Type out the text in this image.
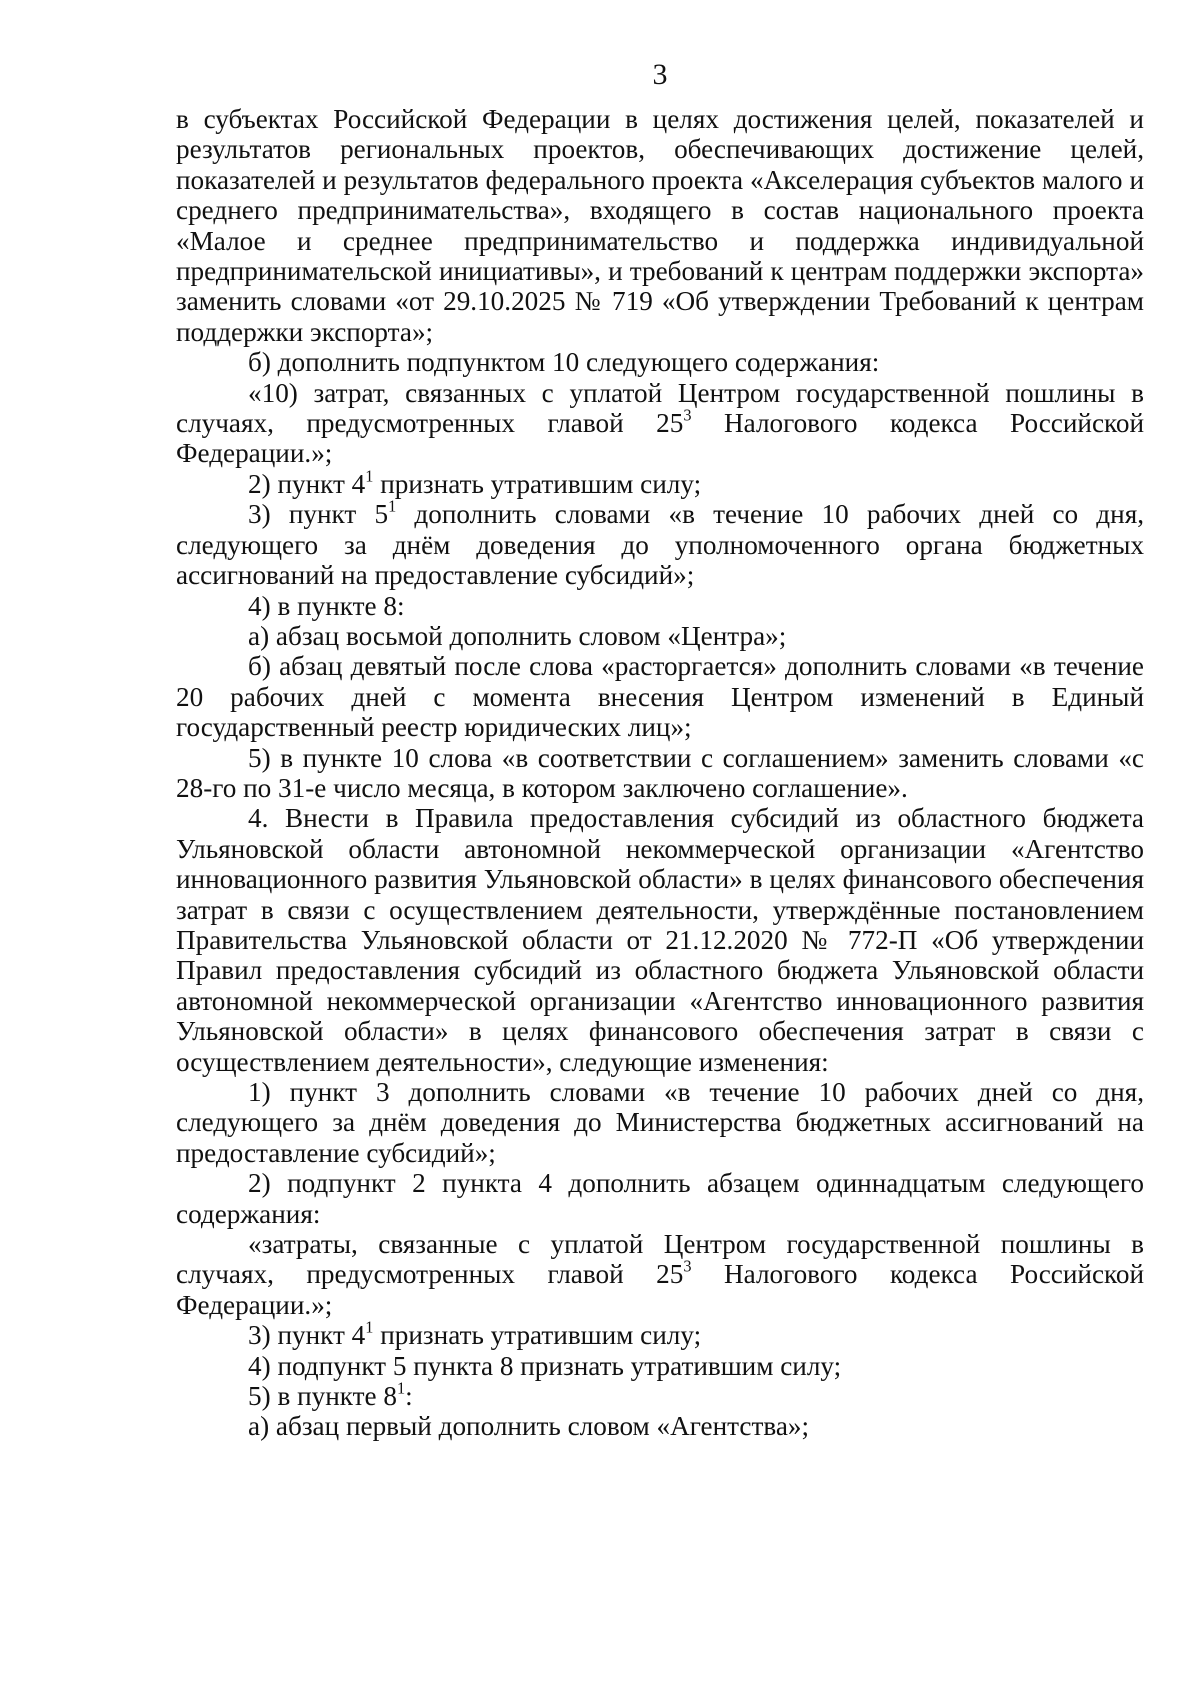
3

в субъектах Российской Федерации в целях достижения целей, показателей и результатов региональных проектов, обеспечивающих достижение целей, показателей и результатов федерального проекта «Акселерация субъектов малого и среднего предпринимательства», входящего в состав национального проекта «Малое и среднее предпринимательство и поддержка индивидуальной предпринимательской инициативы», и требований к центрам поддержки экспорта» заменить словами «от 29.10.2025 № 719 «Об утверждении Требований к центрам поддержки экспорта»;

б) дополнить подпунктом 10 следующего содержания:

«10) затрат, связанных с уплатой Центром государственной пошлины в случаях, предусмотренных главой $25^3$ Налогового кодекса Российской Федерации.»;

2) пункт $4^1$ признать утратившим силу;

3) пункт $5^1$ дополнить словами «в течение 10 рабочих дней со дня, следующего за днём доведения до уполномоченного органа бюджетных ассигнований на предоставление субсидий»;

4) в пункте 8:

а) абзац восьмой дополнить словом «Центра»;

б) абзац девятый после слова «расторгается» дополнить словами «в течение 20 рабочих дней с момента внесения Центром изменений в Единый государственный реестр юридических лиц»;

5) в пункте 10 слова «в соответствии с соглашением» заменить словами «с 28-го по 31-е число месяца, в котором заключено соглашение».

4. Внести в Правила предоставления субсидий из областного бюджета Ульяновской области автономной некоммерческой организации «Агентство инновационного развития Ульяновской области» в целях финансового обеспечения затрат в связи с осуществлением деятельности, утверждённые постановлением Правительства Ульяновской области от 21.12.2020 № 772-П «Об утверждении Правил предоставления субсидий из областного бюджета Ульяновской области автономной некоммерческой организации «Агентство инновационного развития Ульяновской области» в целях финансового обеспечения затрат в связи с осуществлением деятельности», следующие изменения:

1) пункт 3 дополнить словами «в течение 10 рабочих дней со дня, следующего за днём доведения до Министерства бюджетных ассигнований на предоставление субсидий»;

2) подпункт 2 пункта 4 дополнить абзацем одиннадцатым следующего содержания:

«затраты, связанные с уплатой Центром государственной пошлины в случаях, предусмотренных главой $25^3$ Налогового кодекса Российской Федерации.»;

3) пункт $4^1$ признать утратившим силу;

4) подпункт 5 пункта 8 признать утратившим силу;

5) в пункте $8^1$:

а) абзац первый дополнить словом «Агентства»;
